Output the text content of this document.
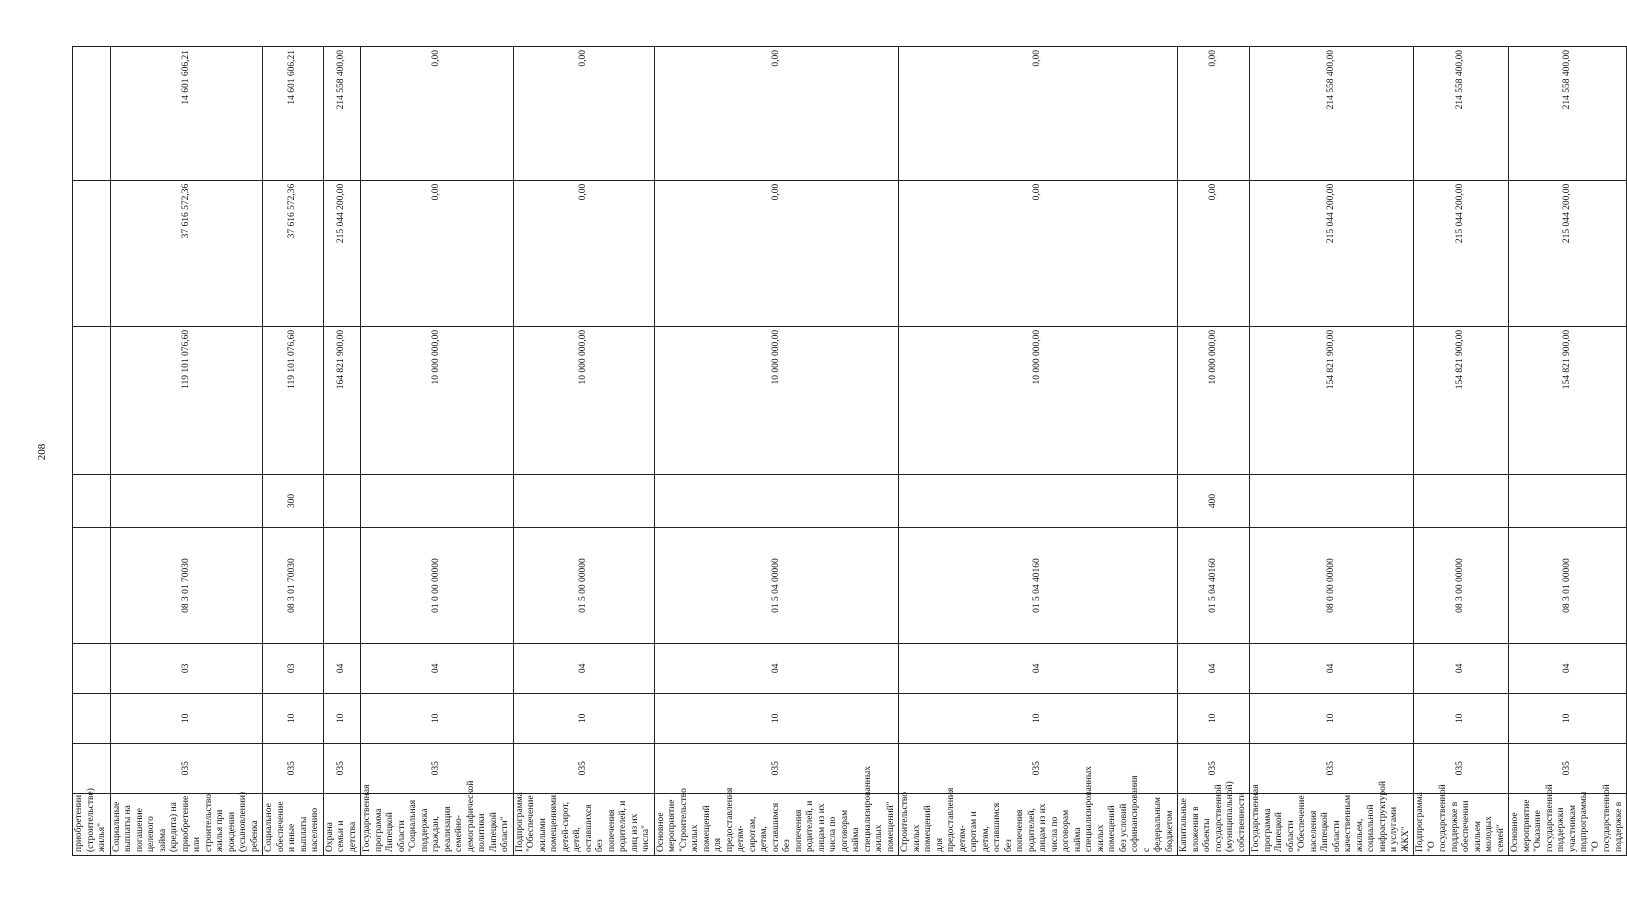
208
приобретении (строительстве) жилья"								
Социальные выплаты на погашение целевого займа (кредита) на приобретение или строительство жилья при рождении (усыновлении) ребенка	035	10	03	08 3 01 70030		119 101 076,60	37 616 572,36	14 601 606,21
Социальное обеспечение и иные выплаты населению	035	10	03	08 3 01 70030	300	119 101 076,60	37 616 572,36	14 601 606,21
Охрана семьи и детства	035	10	04			164 821 900,00	215 044 200,00	214 558 400,00
Государственная программа Липецкой области "Социальная поддержка граждан, реализация семейно-демографической политики Липецкой области"	035	10	04	01 0 00 00000		10 000 000,00	0,00	0,00
Подпрограмма "Обеспечение жилыми помещениями детей-сирот, детей, оставшихся без попечения родителей, и лиц из их числа"	035	10	04	01 5 00 00000		10 000 000,00	0,00	0,00
Основное мероприятие "Строительство жилых помещений для предоставления детям-сиротам, детям, оставшимся без попечения родителей, и лицам из их числа по договорам найма специализированных жилых помещений"	035	10	04	01 5 04 00000		10 000 000,00	0,00	0,00
Строительство жилых помещений для предоставления детям-сиротам и детям, оставшимся без попечения родителей, лицам из их числа по договорам найма специализированных жилых помещений без условий софинансирования с федеральным бюджетом	035	10	04	01 5 04 40160		10 000 000,00	0,00	0,00
Капитальные вложения в объекты государственной (муниципальной) собственности	035	10	04	01 5 04 40160	400	10 000 000,00	0,00	0,00
Государственная программа Липецкой области "Обеспечение населения Липецкой области качественным жильем, социальной инфраструктурой и услугами ЖКХ"	035	10	04	08 0 00 00000		154 821 900,00	215 044 200,00	214 558 400,00
Подпрограмма "О государственной поддержке в обеспечении жильем молодых семей"	035	10	04	08 3 00 00000		154 821 900,00	215 044 200,00	214 558 400,00
Основное мероприятие "Оказание государственной поддержки участникам подпрограммы "О государственной поддержке в	035	10	04	08 3 01 00000		154 821 900,00	215 044 200,00	214 558 400,00
